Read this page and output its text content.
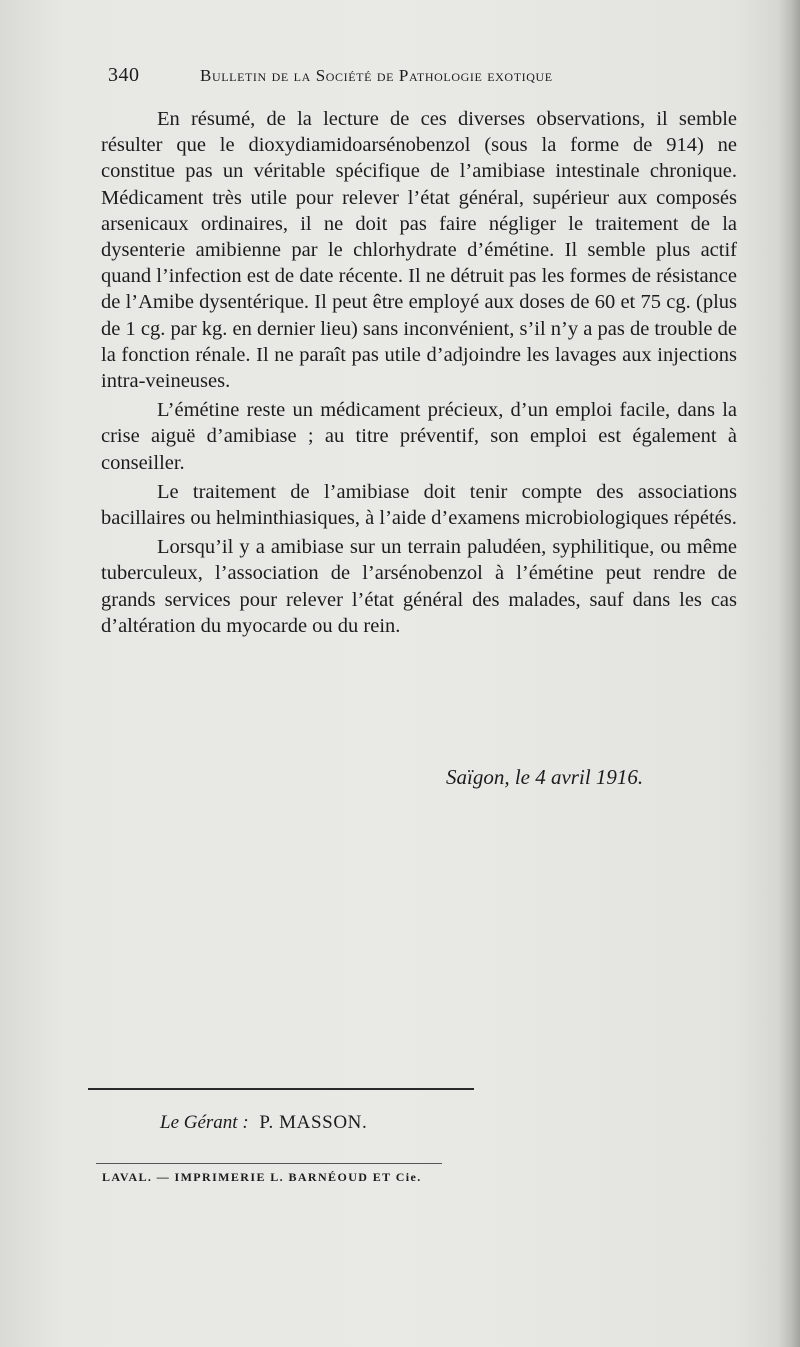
340	Bulletin de la Société de Pathologie exotique

En résumé, de la lecture de ces diverses observations, il semble résulter que le dioxydiamidoarsénobenzol (sous la forme de 914) ne constitue pas un véritable spécifique de l’amibiase intestinale chronique. Médicament très utile pour relever l’état général, supérieur aux composés arsenicaux ordinaires, il ne doit pas faire négliger le traitement de la dysenterie amibienne par le chlorhydrate d’émétine. Il semble plus actif quand l’infection est de date récente. Il ne détruit pas les formes de résistance de l’Amibe dysentérique. Il peut être employé aux doses de 60 et 75 cg. (plus de 1 cg. par kg. en dernier lieu) sans inconvénient, s’il n’y a pas de trouble de la fonction rénale. Il ne paraît pas utile d’adjoindre les lavages aux injections intra-veineuses.

L’émétine reste un médicament précieux, d’un emploi facile, dans la crise aiguë d’amibiase ; au titre préventif, son emploi est également à conseiller.

Le traitement de l’amibiase doit tenir compte des associations bacillaires ou helminthiasiques, à l’aide d’examens microbiologiques répétés.

Lorsqu’il y a amibiase sur un terrain paludéen, syphilitique, ou même tuberculeux, l’association de l’arsénobenzol à l’émétine peut rendre de grands services pour relever l’état général des malades, sauf dans les cas d’altération du myocarde ou du rein.

Saïgon, le 4 avril 1916.
Le Gérant : P. MASSON.
LAVAL. — IMPRIMERIE L. BARNÉOUD ET Cie.
